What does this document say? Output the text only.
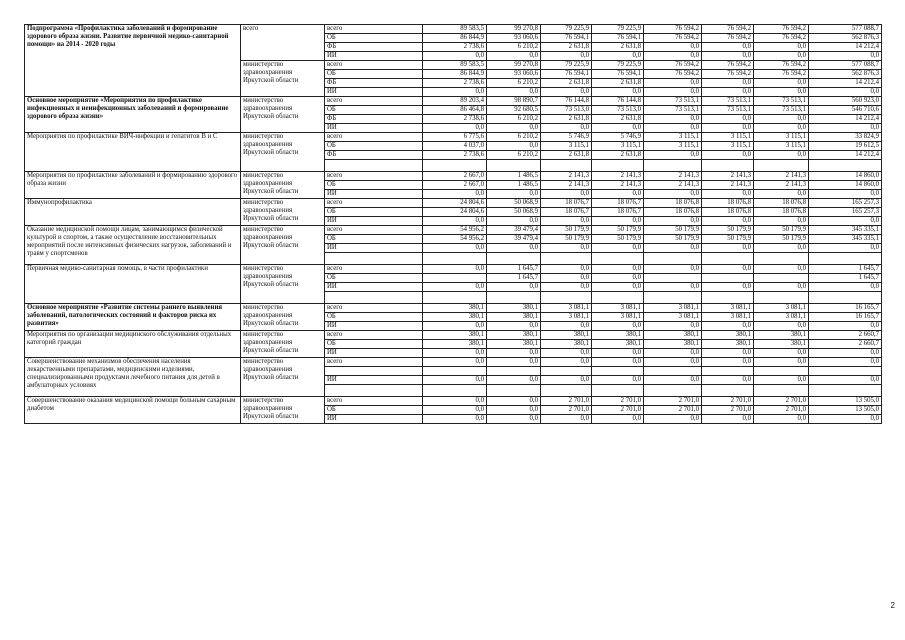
Подпрограмма «Профилактика заболеваний и формирование здорового образа жизни. Развитие первичной медико-санитарной помощи» на 2014 - 2020 годы	всего	всего	89 583,5	99 270,8	79 225,9	79 225,9	76 594,2	76 594,2	76 594,2	577 088,7
		ОБ	86 844,9	93 060,6	76 594,1	76 594,1	76 594,2	76 594,2	76 594,2	562 876,3
		ФБ	2 738,6	6 210,2	2 631,8	2 631,8	0,0	0,0	0,0	14 212,4
		ИИ	0,0	0,0	0,0	0,0	0,0	0,0	0,0	0,0
	министерство здравоохранения Иркутской области	всего	89 583,5	99 270,8	79 225,9	79 225,9	76 594,2	76 594,2	76 594,2	577 088,7
		ОБ	86 844,9	93 060,6	76 594,1	76 594,1	76 594,2	76 594,2	76 594,2	562 876,3
		ФБ	2 738,6	6 210,2	2 631,8	2 631,8	0,0	0,0	0,0	14 212,4
		ИИ	0,0	0,0	0,0	0,0	0,0	0,0	0,0	0,0
Основное мероприятие «Мероприятия по профилактике инфекционных и неинфекционных заболеваний и формирование здорового образа жизни»	министерство здравоохранения Иркутской области	всего	89 203,4	98 890,7	76 144,8	76 144,8	73 513,1	73 513,1	73 513,1	560 923,0
		ОБ	86 464,8	92 680,5	73 513,0	73 513,0	73 513,1	73 513,1	73 513,1	546 710,6
		ФБ	2 738,6	6 210,2	2 631,8	2 631,8	0,0	0,0	0,0	14 212,4
		ИИ	0,0	0,0	0,0	0,0	0,0	0,0	0,0	0,0
Мероприятия по профилактике ВИЧ-инфекции и гепатитов В и С	министерство здравоохранения Иркутской области	всего	6 775,6	6 210,2	5 746,9	5 746,9	3 115,1	3 115,1	3 115,1	33 824,9
		ОБ	4 037,0	0,0	3 115,1	3 115,1	3 115,1	3 115,1	3 115,1	19 612,5
		ФБ	2 738,6	6 210,2	2 631,8	2 631,8	0,0	0,0	0,0	14 212,4

Мероприятия по профилактике заболеваний и формированию здорового образа жизни	министерство здравоохранения Иркутской области	всего	2 667,0	1 486,5	2 141,3	2 141,3	2 141,3	2 141,3	2 141,3	14 860,0
		ОБ	2 667,0	1 486,5	2 141,3	2 141,3	2 141,3	2 141,3	2 141,3	14 860,0
		ИИ	0,0	0,0	0,0	0,0	0,0	0,0	0,0	0,0
Иммунопрофилактика	министерство здравоохранения Иркутской области	всего	24 804,6	50 068,9	18 076,7	18 076,7	18 076,8	18 076,8	18 076,8	165 257,3
		ОБ	24 804,6	50 068,9	18 076,7	18 076,7	18 076,8	18 076,8	18 076,8	165 257,3
		ИИ	0,0	0,0	0,0	0,0	0,0	0,0	0,0	0,0
Оказание медицинской помощи лицам, занимающимся физической культурой и спортом, а также осуществление восстановительных мероприятий после интенсивных физических нагрузок, заболеваний и травм у спортсменов	министерство здравоохранения Иркутской области	всего	54 956,2	39 479,4	50 179,9	50 179,9	50 179,9	50 179,9	50 179,9	345 335,1
		ОБ	54 956,2	39 479,4	50 179,9	50 179,9	50 179,9	50 179,9	50 179,9	345 335,1
		ИИ	0,0	0,0	0,0	0,0	0,0	0,0	0,0	0,0

Первичная медико-санитарная помощь, в части профилактики	министерство здравоохранения Иркутской области	всего	0,0	1 645,7	0,0	0,0	0,0	0,0	0,0	1 645,7
		ОБ		1 645,7	0,0	0,0				1 645,7
		ИИ	0,0	0,0	0,0	0,0	0,0	0,0	0,0	0,0

Основное мероприятие «Развитие системы раннего выявления заболеваний, патологических состояний и факторов риска их развития»	министерство здравоохранения Иркутской области	всего	380,1	380,1	3 081,1	3 081,1	3 081,1	3 081,1	3 081,1	16 165,7
		ОБ	380,1	380,1	3 081,1	3 081,1	3 081,1	3 081,1	3 081,1	16 165,7
		ИИ	0,0	0,0	0,0	0,0	0,0	0,0	0,0	0,0
Мероприятия по организации медицинского обслуживания отдельных категорий граждан	министерство здравоохранения Иркутской области	всего	380,1	380,1	380,1	380,1	380,1	380,1	380,1	2 660,7
		ОБ	380,1	380,1	380,1	380,1	380,1	380,1	380,1	2 660,7
		ИИ	0,0	0,0	0,0	0,0	0,0	0,0	0,0	0,0
Совершенствование механизмов обеспечения населения лекарственными препаратами, медицинскими изделиями, специализированными продуктами лечебного питания для детей в амбулаторных условиях	министерство здравоохранения Иркутской области	всего	0,0	0,0	0,0	0,0	0,0	0,0	0,0	0,0

		ИИ	0,0	0,0	0,0	0,0	0,0	0,0	0,0	0,0

Совершенствование оказания медицинской помощи больным сахарным диабетом	министерство здравоохранения Иркутской области	всего	0,0	0,0	2 701,0	2 701,0	2 701,0	2 701,0	2 701,0	13 505,0
		ОБ	0,0	0,0	2 701,0	2 701,0	2 701,0	2 701,0	2 701,0	13 505,0
		ИИ	0,0	0,0	0,0	0,0	0,0	0,0	0,0	0,0
2
